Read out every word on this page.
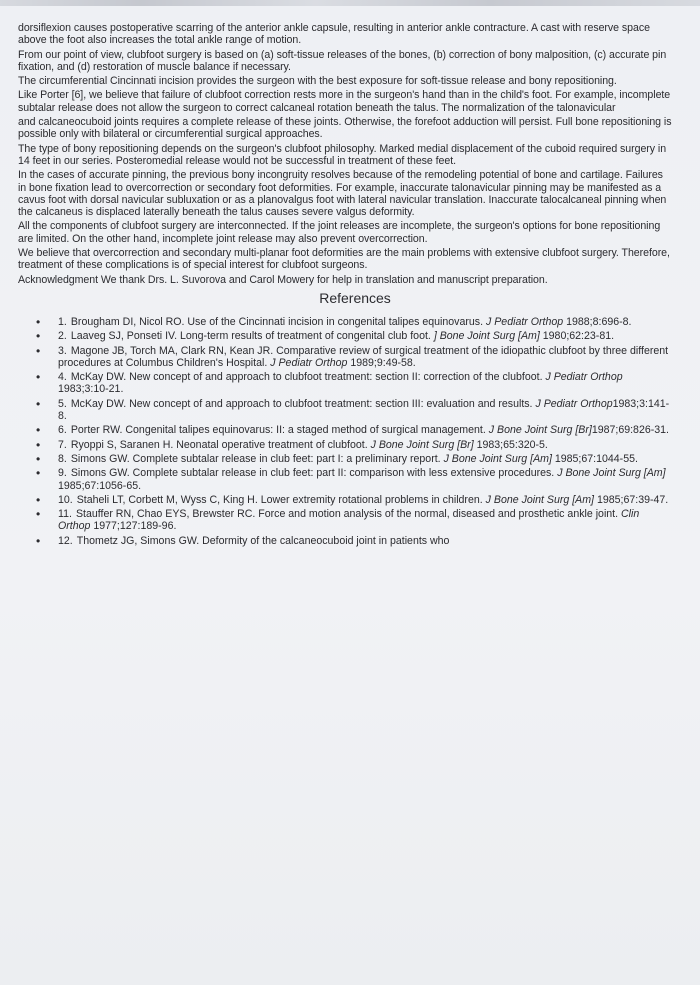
dorsiflexion causes postoperative scarring of the anterior ankle capsule, resulting in anterior ankle contracture. A cast with reserve space above the foot also increases the total ankle range of motion.

From our point of view, clubfoot surgery is based on (a) soft-tissue releases of the bones, (b) correction of bony malposition, (c) accurate pin fixation, and (d) restoration of muscle balance if necessary.

The circumferential Cincinnati incision provides the surgeon with the best exposure for soft-tissue release and bony repositioning.

Like Porter [6], we believe that failure of clubfoot correction rests more in the surgeon's hand than in the child's foot. For example, incomplete subtalar release does not allow the surgeon to correct calcaneal rotation beneath the talus. The normalization of the talonavicular

and calcaneocuboid joints requires a complete release of these joints. Otherwise, the forefoot adduction will persist. Full bone repositioning is possible only with bilateral or circumferential surgical approaches.

The type of bony repositioning depends on the surgeon's clubfoot philosophy. Marked medial displacement of the cuboid required surgery in 14 feet in our series. Posteromedial release would not be successful in treatment of these feet.

In the cases of accurate pinning, the previous bony incongruity resolves because of the remodeling potential of bone and cartilage. Failures in bone fixation lead to overcorrection or secondary foot deformities. For example, inaccurate talonavicular pinning may be manifested as a cavus foot with dorsal navicular subluxation or as a planovalgus foot with lateral navicular translation. Inaccurate talocalcaneal pinning when the calcaneus is displaced laterally beneath the talus causes severe valgus deformity.

All the components of clubfoot surgery are interconnected. If the joint releases are incomplete, the surgeon's options for bone repositioning are limited. On the other hand, incomplete joint release may also prevent overcorrection.

We believe that overcorrection and secondary multi-planar foot deformities are the main problems with extensive clubfoot surgery. Therefore, treatment of these complications is of special interest for clubfoot surgeons.

Acknowledgment We thank Drs. L. Suvorova and Carol Mowery for help in translation and manuscript preparation.

References
• 1. Brougham DI, Nicol RO. Use of the Cincinnati incision in congenital talipes equinovarus. J Pediatr Orthop 1988;8:696-8.
• 2. Laaveg SJ, Ponseti IV. Long-term results of treatment of congenital club foot. ] Bone Joint Surg [Am] 1980;62:23-81.
• 3. Magone JB, Torch MA, Clark RN, Kean JR. Comparative review of surgical treatment of the idiopathic clubfoot by three different procedures at Columbus Children's Hospital. J Pediatr Orthop 1989;9:49-58.
• 4. McKay DW. New concept of and approach to clubfoot treatment: section II: correction of the clubfoot. J Pediatr Orthop 1983;3:10-21.
• 5. McKay DW. New concept of and approach to clubfoot treatment: section III: evaluation and results. J Pediatr Orthop1983;3:141-8.
• 6. Porter RW. Congenital talipes equinovarus: II: a staged method of surgical management. J Bone Joint Surg [Br]1987;69:826-31.
• 7. Ryoppi S, Saranen H. Neonatal operative treatment of clubfoot. J Bone Joint Surg [Br] 1983;65:320-5.
• 8. Simons GW. Complete subtalar release in club feet: part I: a preliminary report. J Bone Joint Surg [Am] 1985;67:1044-55.
• 9. Simons GW. Complete subtalar release in club feet: part II: comparison with less extensive procedures. J Bone Joint Surg [Am] 1985;67:1056-65.
• 10. Staheli LT, Corbett M, Wyss C, King H. Lower extremity rotational problems in children. J Bone Joint Surg [Am] 1985;67:39-47.
• 11. Stauffer RN, Chao EYS, Brewster RC. Force and motion analysis of the normal, diseased and prosthetic ankle joint. Clin Orthop 1977;127:189-96.
• 12. Thometz JG, Simons GW. Deformity of the calcaneocuboid joint in patients who
